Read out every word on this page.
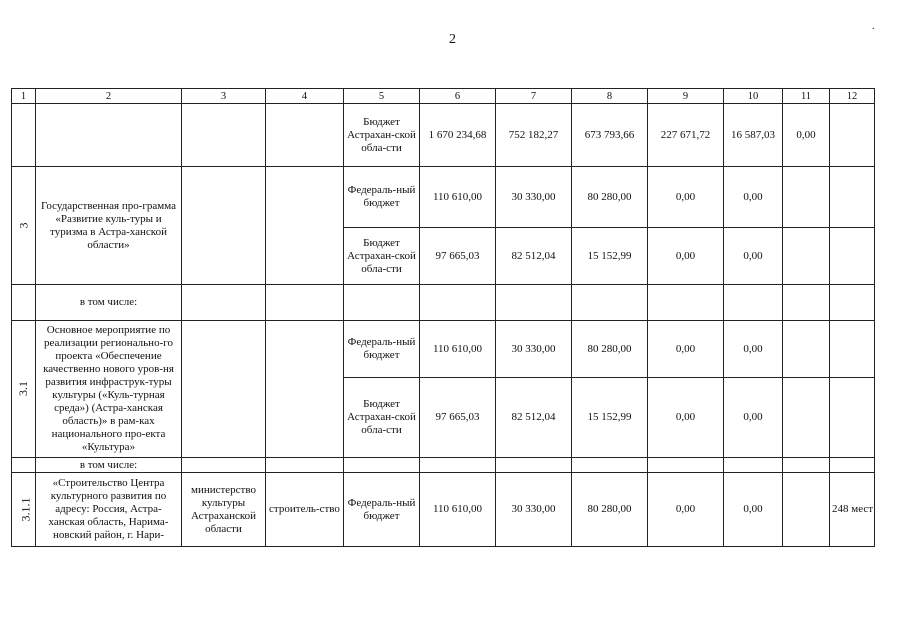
2
.
1	2	3	4	5	6	7	8	9	10	11	12
				Бюджет Астрахан-ской обла-сти	1 670 234,68	752 182,27	673 793,66	227 671,72	16 587,03	0,00	
3	Государственная про-грамма «Развитие куль-туры и туризма в Астра-ханской области»			Федераль-ный бюджет	110 610,00	30 330,00	80 280,00	0,00	0,00		
				Бюджет Астрахан-ской обла-сти	97 665,03	82 512,04	15 152,99	0,00	0,00		
	в том числе:										
3.1	Основное мероприятие по реализации регионально-го проекта «Обеспечение качественно нового уров-ня развития инфраструк-туры культуры («Куль-турная среда») (Астра-ханская область)» в рам-ках национального про-екта «Культура»			Федераль-ный бюджет	110 610,00	30 330,00	80 280,00	0,00	0,00		
				Бюджет Астрахан-ской обла-сти	97 665,03	82 512,04	15 152,99	0,00	0,00		
	в том числе:										
3.1.1	«Строительство Центра культурного развития по адресу: Россия, Астра-ханская область, Нарима-новский район, г. Нари-	министерство культуры Астраханской области	строитель-ство	Федераль-ный бюджет	110 610,00	30 330,00	80 280,00	0,00	0,00		248 мест
